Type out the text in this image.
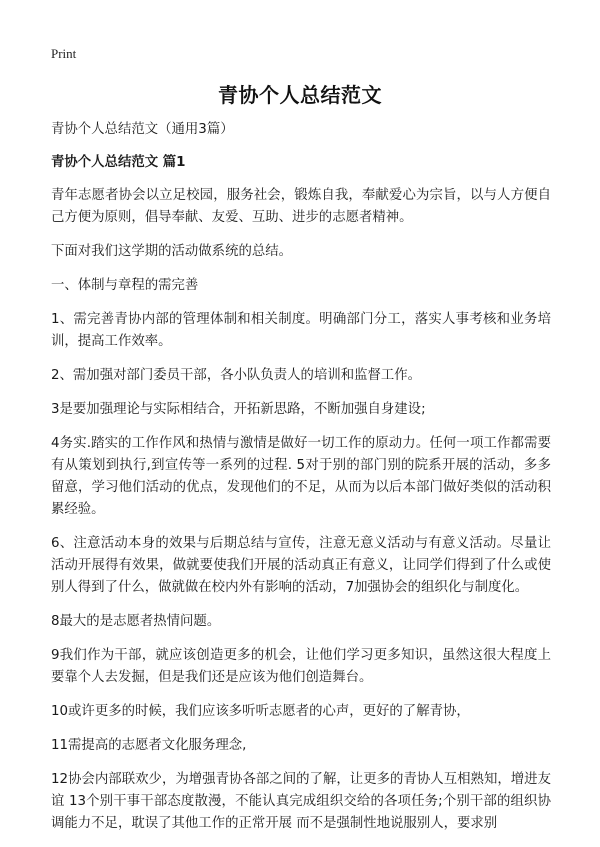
Print
青协个人总结范文

青协个人总结范文（通用3篇）

青协个人总结范文 篇1

青年志愿者协会以立足校园，服务社会，锻炼自我，奉献爱心为宗旨，以与人方便自己方便为原则，倡导奉献、友爱、互助、进步的志愿者精神。

下面对我们这学期的活动做系统的总结。

一、体制与章程的需完善

1、需完善青协内部的管理体制和相关制度。明确部门分工，落实人事考核和业务培训，提高工作效率。

2、需加强对部门委员干部，各小队负责人的培训和监督工作。

3是要加强理论与实际相结合，开拓新思路，不断加强自身建设;

4务实.踏实的工作作风和热情与激情是做好一切工作的原动力。任何一项工作都需要有从策划到执行,到宣传等一系列的过程. 5对于别的部门别的院系开展的活动，多多留意，学习他们活动的优点，发现他们的不足，从而为以后本部门做好类似的活动积累经验。

6、注意活动本身的效果与后期总结与宣传，注意无意义活动与有意义活动。尽量让活动开展得有效果，做就要使我们开展的活动真正有意义，让同学们得到了什么或使别人得到了什么，做就做在校内外有影响的活动，7加强协会的组织化与制度化。

8最大的是志愿者热情问题。

9我们作为干部，就应该创造更多的机会，让他们学习更多知识，虽然这很大程度上要靠个人去发掘，但是我们还是应该为他们创造舞台。

10或许更多的时候，我们应该多听听志愿者的心声，更好的了解青协，

11需提高的志愿者文化服务理念,

12协会内部联欢少，为增强青协各部之间的了解，让更多的青协人互相熟知，增进友谊 13个别干事干部态度散漫，不能认真完成组织交给的各项任务;个别干部的组织协调能力不足，耽误了其他工作的正常开展 而不是强制性地说服别人，要求别
